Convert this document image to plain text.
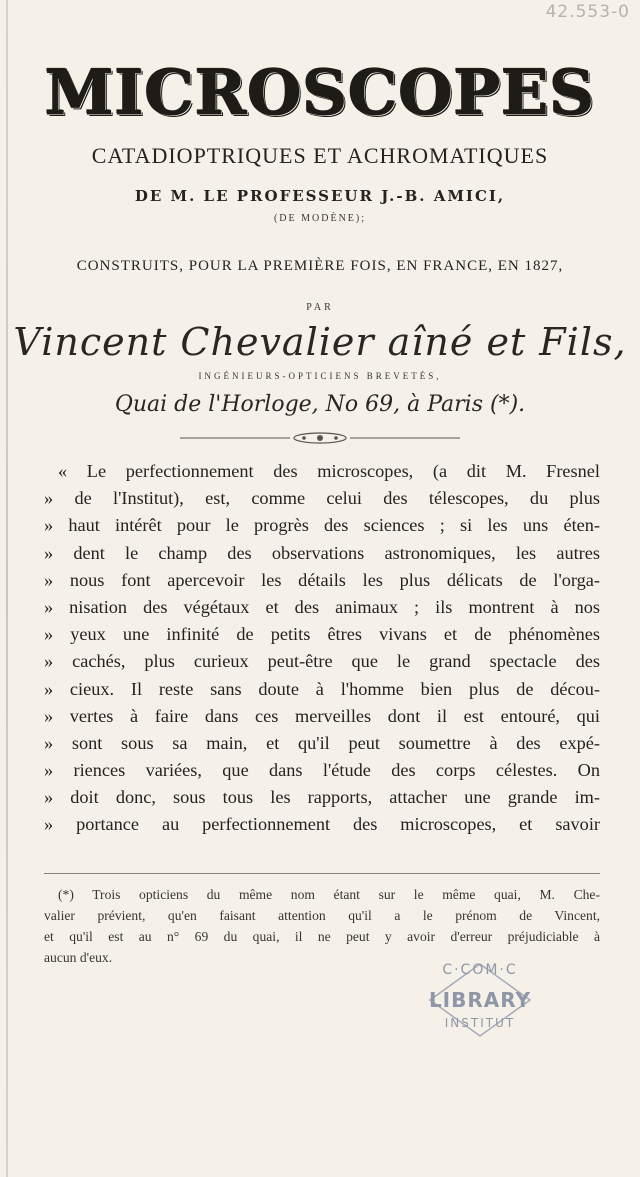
42.553-0
MICROSCOPES
CATADIOPTRIQUES ET ACHROMATIQUES
DE M. LE PROFESSEUR J.-B. AMICI,
(DE MODÈNE);
CONSTRUITS, POUR LA PREMIÈRE FOIS, EN FRANCE, EN 1827,
PAR
Vincent Chevalier aîné et Fils,
INGÉNIEURS-OPTICIENS BREVETÉS,
Quai de l'Horloge, No 69, à Paris (*).
« Le perfectionnement des microscopes, (a dit M. Fresnel
» de l'Institut), est, comme celui des télescopes, du plus
» haut intérêt pour le progrès des sciences ; si les uns éten-
» dent le champ des observations astronomiques, les autres
» nous font apercevoir les détails les plus délicats de l'orga-
» nisation des végétaux et des animaux ; ils montrent à nos
» yeux une infinité de petits êtres vivans et de phénomènes
» cachés, plus curieux peut-être que le grand spectacle des
» cieux. Il reste sans doute à l'homme bien plus de décou-
» vertes à faire dans ces merveilles dont il est entouré, qui
» sont sous sa main, et qu'il peut soumettre à des expé-
» riences variées, que dans l'étude des corps célestes. On
» doit donc, sous tous les rapports, attacher une grande im-
» portance au perfectionnement des microscopes, et savoir
(*) Trois opticiens du même nom étant sur le même quai, M. Che-
valier prévient, qu'en faisant attention qu'il a le prénom de Vincent,
et qu'il est au n° 69 du quai, il ne peut y avoir d'erreur préjudiciable à
aucun d'eux.
C·COM·C
LIBRARY
INSTITUT
